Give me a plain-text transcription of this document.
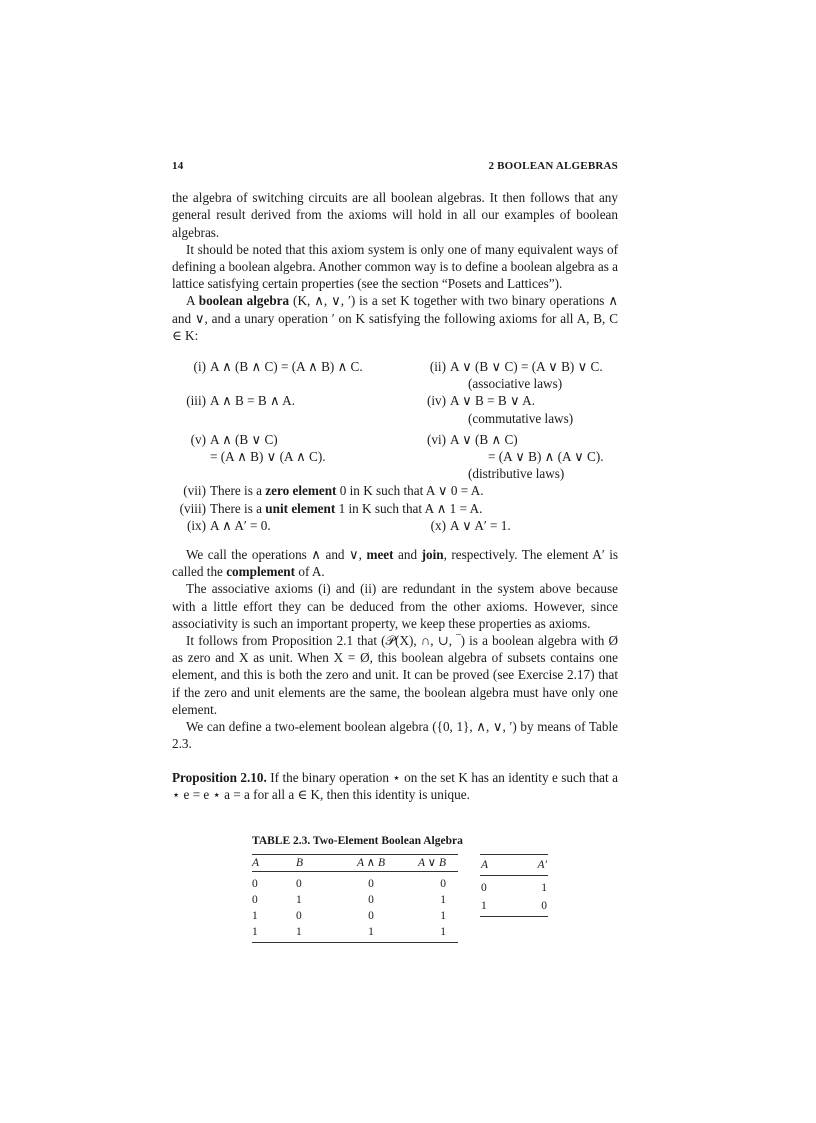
14	2 BOOLEAN ALGEBRAS

the algebra of switching circuits are all boolean algebras. It then follows that any general result derived from the axioms will hold in all our examples of boolean algebras.

It should be noted that this axiom system is only one of many equivalent ways of defining a boolean algebra. Another common way is to define a boolean algebra as a lattice satisfying certain properties (see the section “Posets and Lattices”).

A boolean algebra (K, ∧, ∨, ′) is a set K together with two binary operations ∧ and ∨, and a unary operation ′ on K satisfying the following axioms for all A, B, C ∈ K:

(i) A ∧ (B ∧ C) = (A ∧ B) ∧ C.	(ii) A ∨ (B ∨ C) = (A ∨ B) ∨ C.
(associative laws)
(iii) A ∧ B = B ∧ A.	(iv) A ∨ B = B ∨ A.
(commutative laws)
(v) A ∧ (B ∨ C)	(vi) A ∨ (B ∧ C)
= (A ∧ B) ∨ (A ∧ C).	= (A ∨ B) ∧ (A ∨ C).
(distributive laws)
(vii) There is a zero element 0 in K such that A ∨ 0 = A.
(viii) There is a unit element 1 in K such that A ∧ 1 = A.
(ix) A ∧ A′ = 0.	(x) A ∨ A′ = 1.

We call the operations ∧ and ∨, meet and join, respectively. The element A′ is called the complement of A.

The associative axioms (i) and (ii) are redundant in the system above because with a little effort they can be deduced from the other axioms. However, since associativity is such an important property, we keep these properties as axioms.

It follows from Proposition 2.1 that (𝒫(X), ∩, ∪, ‾) is a boolean algebra with Ø as zero and X as unit. When X = Ø, this boolean algebra of subsets contains one element, and this is both the zero and unit. It can be proved (see Exercise 2.17) that if the zero and unit elements are the same, the boolean algebra must have only one element.

We can define a two-element boolean algebra ({0, 1}, ∧, ∨, ′) by means of Table 2.3.

Proposition 2.10. If the binary operation ⋆ on the set K has an identity e such that a ⋆ e = e ⋆ a = a for all a ∈ K, then this identity is unique.

TABLE 2.3. Two-Element Boolean Algebra
A	B	A ∧ B	A ∨ B
0	0	0	0
0	1	0	1
1	0	0	1
1	1	1	1
A	A′
0	1
1	0
